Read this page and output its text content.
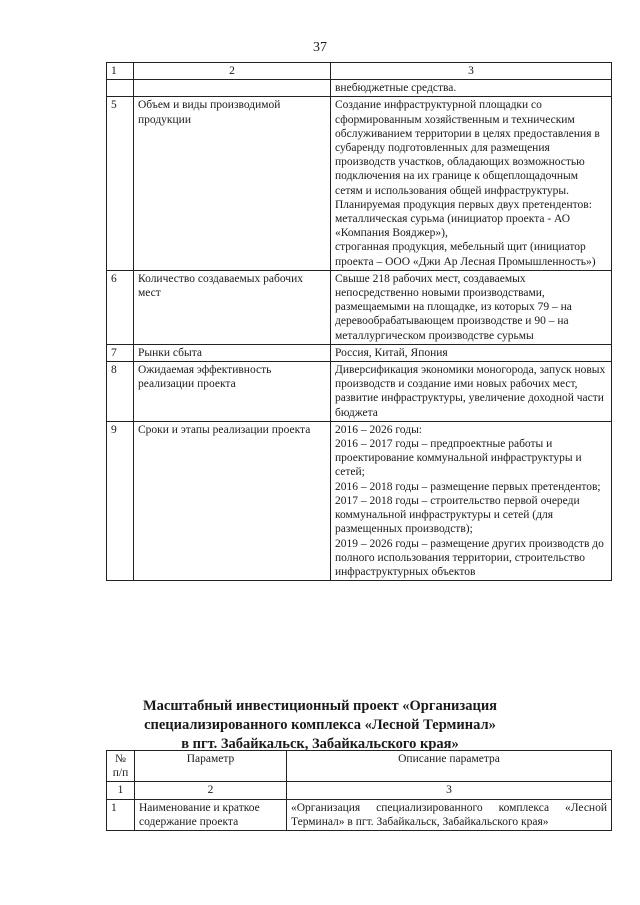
37
1	2	3

		внебюджетные средства.

5	Объем и виды производимой продукции	Создание инфраструктурной площадки со сформированным хозяйственным и техническим обслуживанием территории в целях предоставления в субаренду подготовленных для размещения производств участков, обладающих возможностью подключения на их границе к общеплощадочным сетям и использования общей инфраструктуры.
Планируемая продукция первых двух претендентов:
металлическая сурьма (инициатор проекта - АО «Компания Вояджер»),
строганная продукция, мебельный щит (инициатор проекта – ООО «Джи Ар Лесная Промышленность»)

6	Количество создаваемых рабочих мест	Свыше 218 рабочих мест, создаваемых непосредственно новыми производствами, размещаемыми на площадке, из которых 79 – на деревообрабатывающем производстве и 90 – на металлургическом производстве сурьмы

7	Рынки сбыта	Россия, Китай, Япония

8	Ожидаемая эффективность реализации проекта	Диверсификация экономики моногорода, запуск новых производств и создание ими новых рабочих мест, развитие инфраструктуры, увеличение доходной части бюджета

9	Сроки и этапы реализации проекта	2016 – 2026 годы:
2016 – 2017 годы – предпроектные работы и проектирование коммунальной инфраструктуры и сетей;
2016 – 2018 годы – размещение первых претендентов;
2017 – 2018 годы – строительство первой очереди коммунальной инфраструктуры и сетей (для размещенных производств);
2019 – 2026 годы – размещение других производств до полного использования территории, строительство инфраструктурных объектов
Масштабный инвестиционный проект «Организация
специализированного комплекса «Лесной Терминал»
в пгт. Забайкальск, Забайкальского края»
№ п/п	Параметр	Описание параметра
1	2	3
1	Наименование и краткое содержание проекта	«Организация специализированного комплекса «Лесной Терминал» в пгт. Забайкальск, Забайкальского края»
